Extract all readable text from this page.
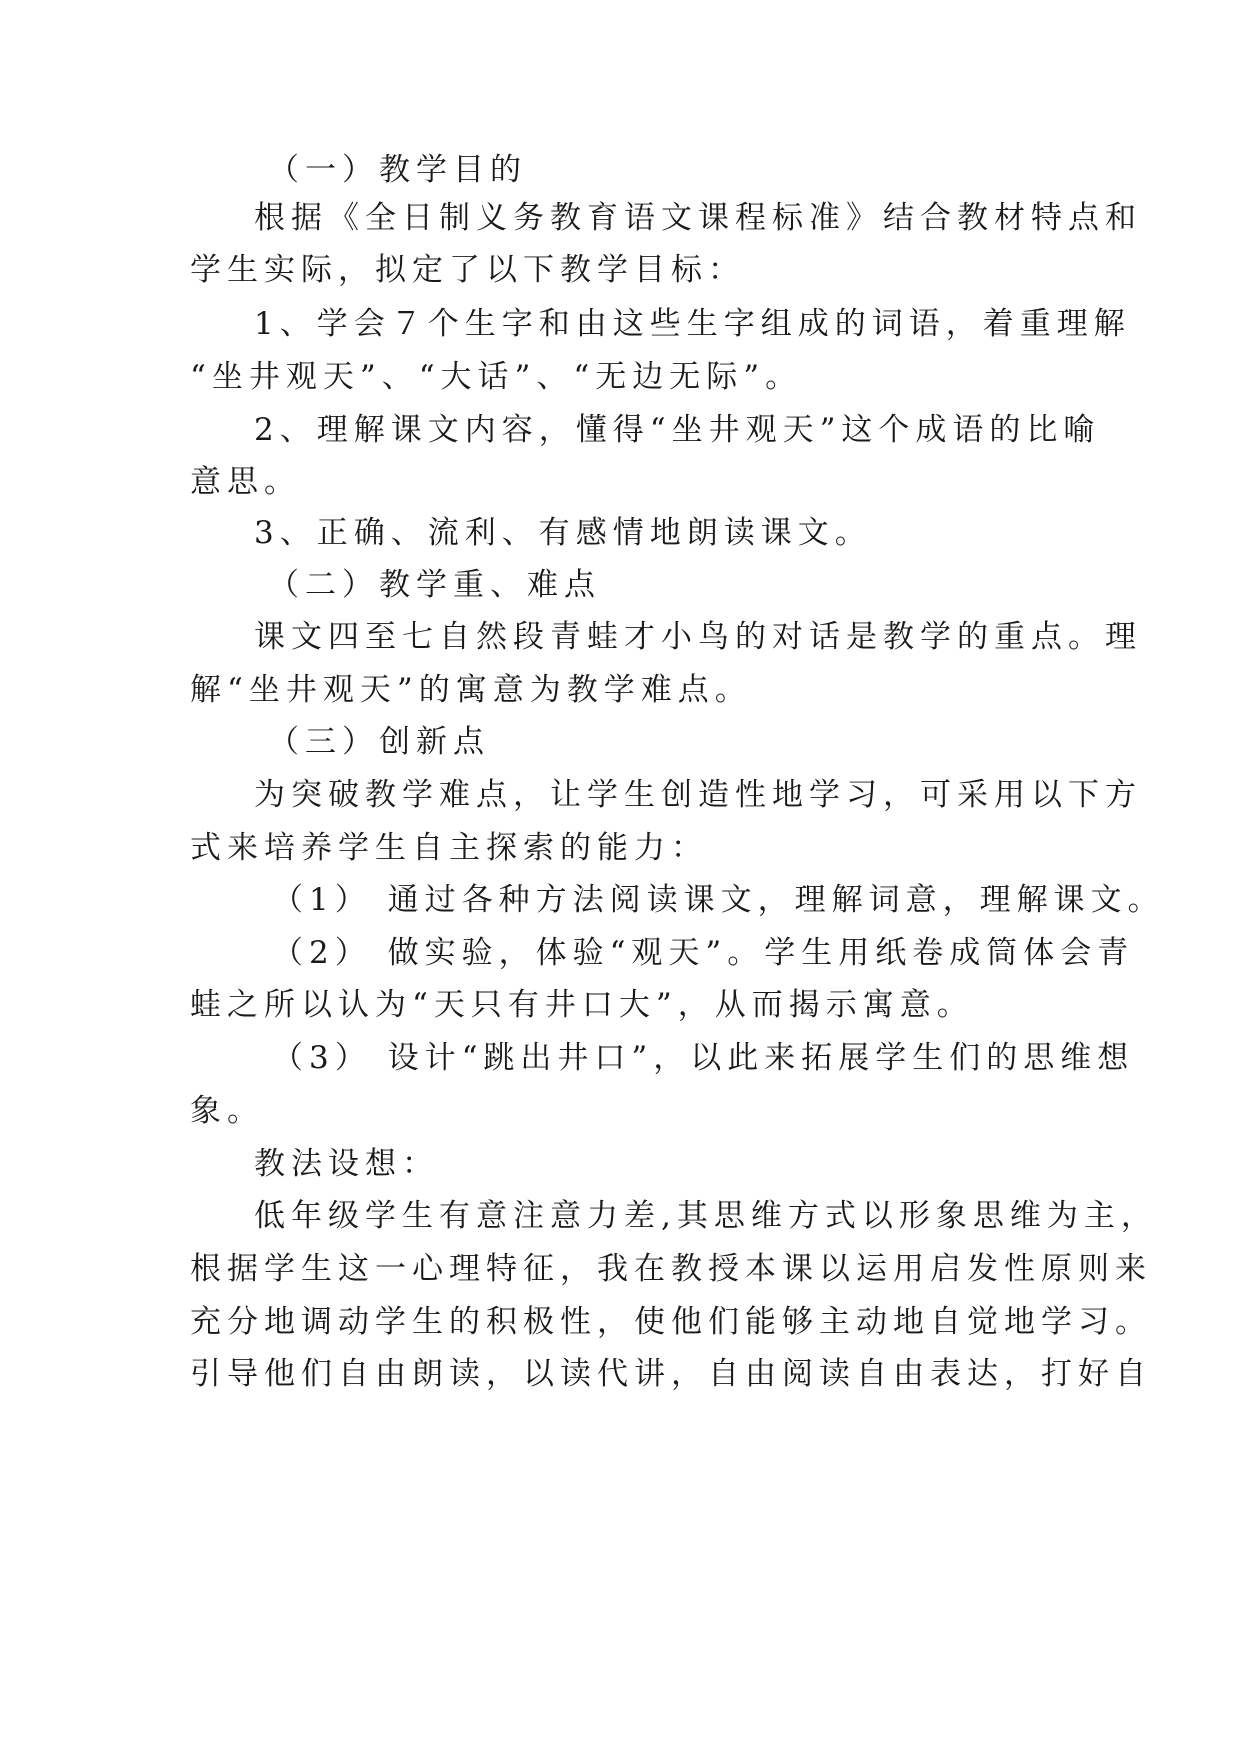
（一）教学目的
根据《全日制义务教育语文课程标准》结合教材特点和
学生实际，拟定了以下教学目标：
1、学会７个生字和由这些生字组成的词语，着重理解
“坐井观天”、“大话”、“无边无际”。
2、理解课文内容，懂得“坐井观天”这个成语的比喻
意思。
3、正确、流利、有感情地朗读课文。
（二）教学重、难点
课文四至七自然段青蛙才小鸟的对话是教学的重点。理
解“坐井观天”的寓意为教学难点。
（三）创新点
为突破教学难点，让学生创造性地学习，可采用以下方
式来培养学生自主探索的能力：
（1） 通过各种方法阅读课文，理解词意，理解课文。
（2） 做实验，体验“观天”。学生用纸卷成筒体会青
蛙之所以认为“天只有井口大”，从而揭示寓意。
（3） 设计“跳出井口”，以此来拓展学生们的思维想
象。
教法设想：
低年级学生有意注意力差,其思维方式以形象思维为主，
根据学生这一心理特征，我在教授本课以运用启发性原则来
充分地调动学生的积极性，使他们能够主动地自觉地学习。
引导他们自由朗读，以读代讲，自由阅读自由表达，打好自
